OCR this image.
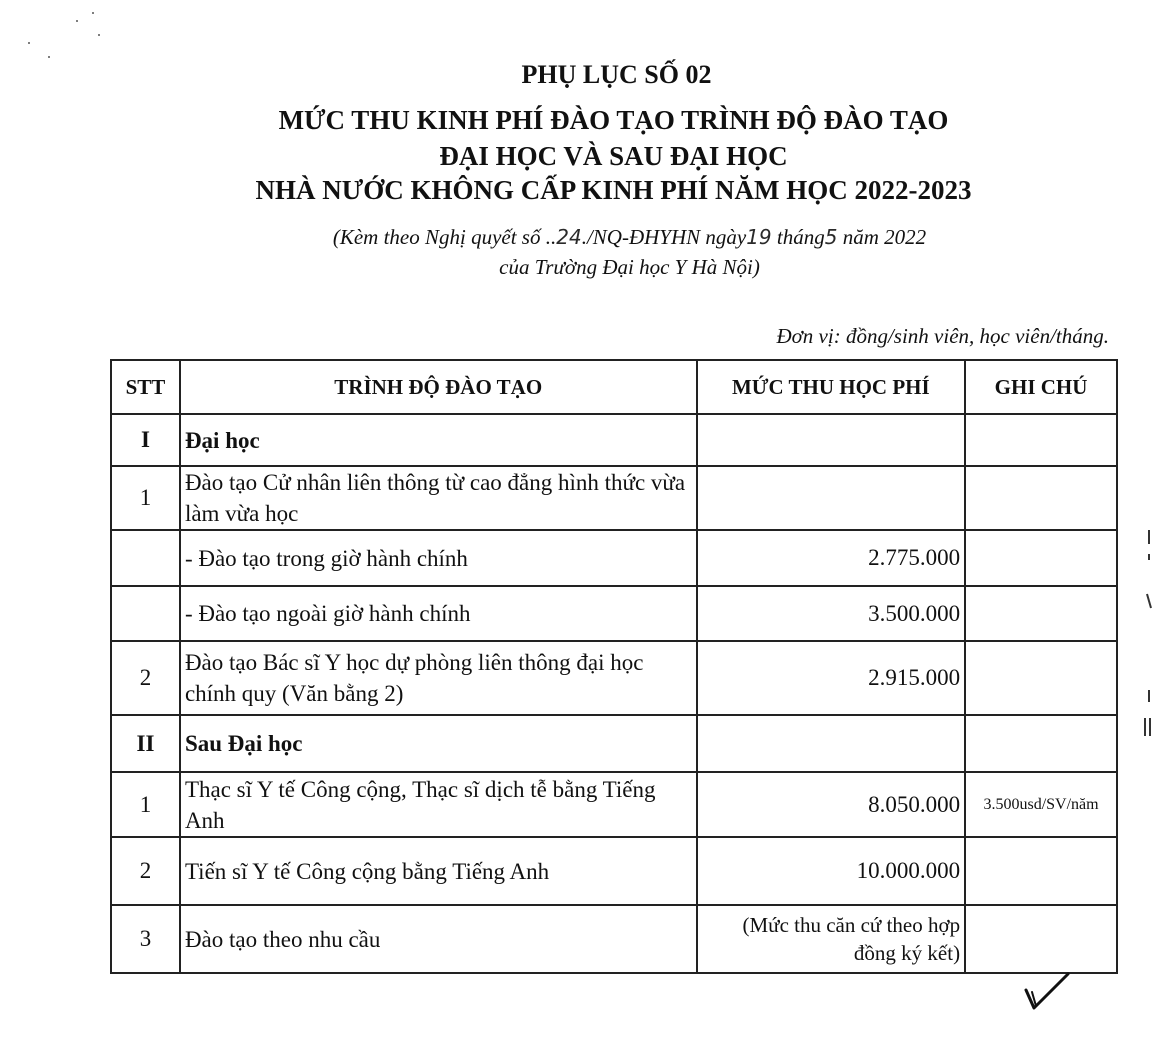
PHỤ LỤC SỐ 02
MỨC THU KINH PHÍ ĐÀO TẠO TRÌNH ĐỘ ĐÀO TẠO
ĐẠI HỌC VÀ SAU ĐẠI HỌC
NHÀ NƯỚC KHÔNG CẤP KINH PHÍ NĂM HỌC 2022-2023
(Kèm theo Nghị quyết số ..24./NQ-ĐHYHN ngày19 tháng5 năm 2022
của Trường Đại học Y Hà Nội)
Đơn vị: đồng/sinh viên, học viên/tháng.
STT	TRÌNH ĐỘ ĐÀO TẠO	MỨC THU HỌC PHÍ	GHI CHÚ
I	Đại học		
1	Đào tạo Cử nhân liên thông từ cao đẳng hình thức vừa làm vừa học		
	- Đào tạo trong giờ hành chính	2.775.000	
	- Đào tạo ngoài giờ hành chính	3.500.000	
2	Đào tạo Bác sĩ Y học dự phòng liên thông đại học chính quy (Văn bằng 2)	2.915.000	
II	Sau Đại học		
1	Thạc sĩ Y tế Công cộng, Thạc sĩ dịch tễ bằng Tiếng Anh	8.050.000	3.500usd/SV/năm
2	Tiến sĩ Y tế Công cộng bằng Tiếng Anh	10.000.000	
3	Đào tạo theo nhu cầu	(Mức thu căn cứ theo hợp đồng ký kết)	
